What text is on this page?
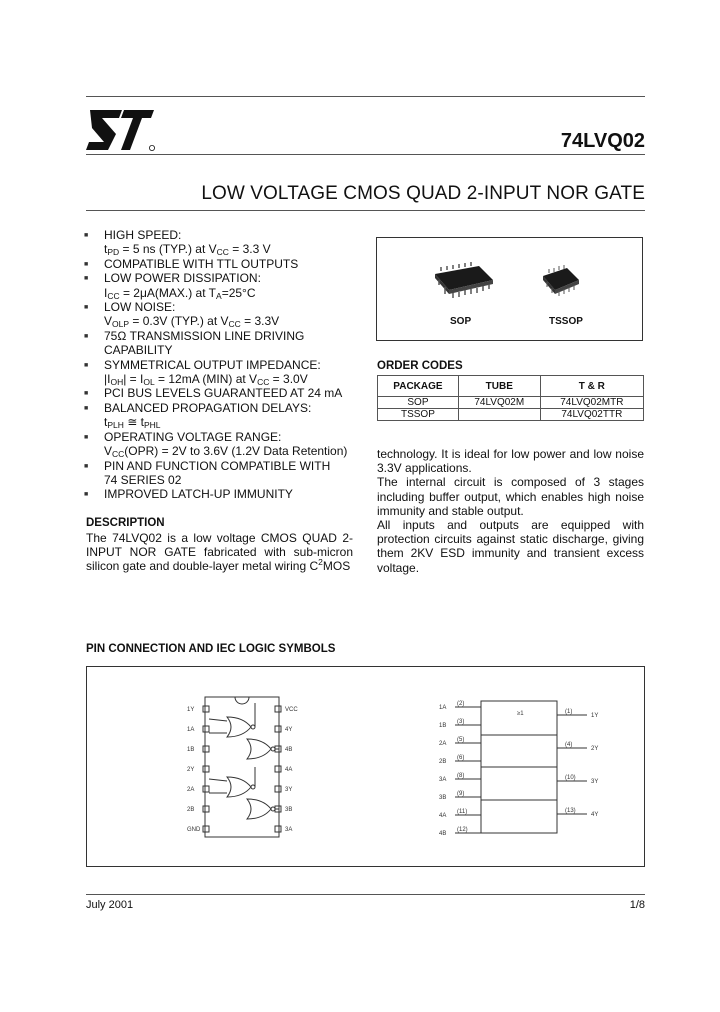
74LVQ02
LOW VOLTAGE CMOS QUAD 2-INPUT NOR GATE
■ HIGH SPEED:
$t_{PD} = 5$ ns (TYP.) at $V_{CC} = 3.3$ V
■ COMPATIBLE WITH TTL OUTPUTS
■ LOW POWER DISSIPATION:
$I_{CC} = 2\mu A(MAX.)$ at $T_A=25^\circ C$
■ LOW NOISE:
$V_{OLP} = 0.3V$ (TYP.) at $V_{CC} = 3.3V$
■ 75Ω TRANSMISSION LINE DRIVING
CAPABILITY
■ SYMMETRICAL OUTPUT IMPEDANCE:
$|I_{OH}| = I_{OL} = 12mA$ (MIN) at $V_{CC} = 3.0V$
■ PCI BUS LEVELS GUARANTEED AT 24 mA
■ BALANCED PROPAGATION DELAYS:
$t_{PLH}$ ≅ $t_{PHL}$
■ OPERATING VOLTAGE RANGE:
$V_{CC}(OPR) = 2V$ to 3.6V (1.2V Data Retention)
■ PIN AND FUNCTION COMPATIBLE WITH
74 SERIES 02
■ IMPROVED LATCH-UP IMMUNITY
SOP	TSSOP
ORDER CODES
PACKAGE	TUBE	T & R
SOP	74LVQ02M	74LVQ02MTR
TSSOP		74LVQ02TTR

technology. It is ideal for low power and low noise 3.3V applications.

The internal circuit is composed of 3 stages including buffer output, which enables high noise immunity and stable output.

All inputs and outputs are equipped with protection circuits against static discharge, giving them 2KV ESD immunity and transient excess voltage.

DESCRIPTION
The 74LVQ02 is a low voltage CMOS QUAD 2-INPUT NOR GATE fabricated with sub-micron silicon gate and double-layer metal wiring $C^2MOS$
PIN CONNECTION AND IEC LOGIC SYMBOLS
1Y	VCC
1A	4Y
1B	4B
2Y	4A
2A	3Y
2B	3B
GND	3A
(2)
1A
(3)
1B
(5)
2A
(6)
2B
(8)
3A
(9)
3B
(11)
4A
(12)
4B
(1)
1Y
(4)
2Y
(10)
3Y
(13)
4Y
≥1
July 2001	1/8
